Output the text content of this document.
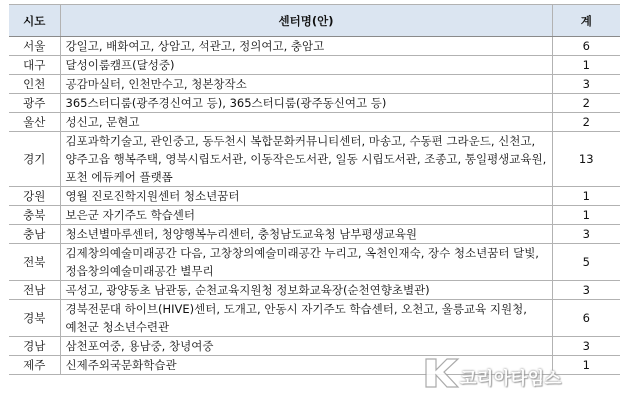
시도	센터명(안)	계
서울	강일고, 배화여고, 상암고, 석관고, 정의여고, 충암고	6
대구	달성이룸캠프(달성중)	1
인천	공감마실터, 인천만수고, 청본창작소	3
광주	365스터디룸(광주경신여고 등), 365스터디룸(광주동신여고 등)	2
울산	성신고, 문현고	2
경기	김포과학기술고, 관인중고, 동두천시 복합문화커뮤니티센터, 마송고, 수동편 그라운드, 신천고, 양주고읍 행복주택, 영북시립도서관, 이동작은도서관, 일동 시립도서관, 조종고, 통일평생교육원, 포천 에듀케어 플랫폼	13
강원	영월 진로진학지원센터 청소년꿈터	1
충북	보은군 자기주도 학습센터	1
충남	청소년별마루센터, 청양행복누리센터, 충청남도교육청 남부평생교육원	3
전북	김제창의예술미래공간 다음, 고창창의예술미래공간 누리고, 옥천인재숙, 장수 청소년꿈터 달빛, 정읍창의예술미래공간 별무리	5
전남	곡성고, 광양동초 남관동, 순천교육지원청 정보화교육장(순천연향초별관)	3
경북	경북전문대 하이브(HIVE)센터, 도개고, 안동시 자기주도 학습센터, 오천고, 울릉교육 지원청, 예천군 청소년수련관	6
경남	삼천포여중, 용남중, 창녕여중	3
제주	신제주외국문화학습관	1
코리아타임스
